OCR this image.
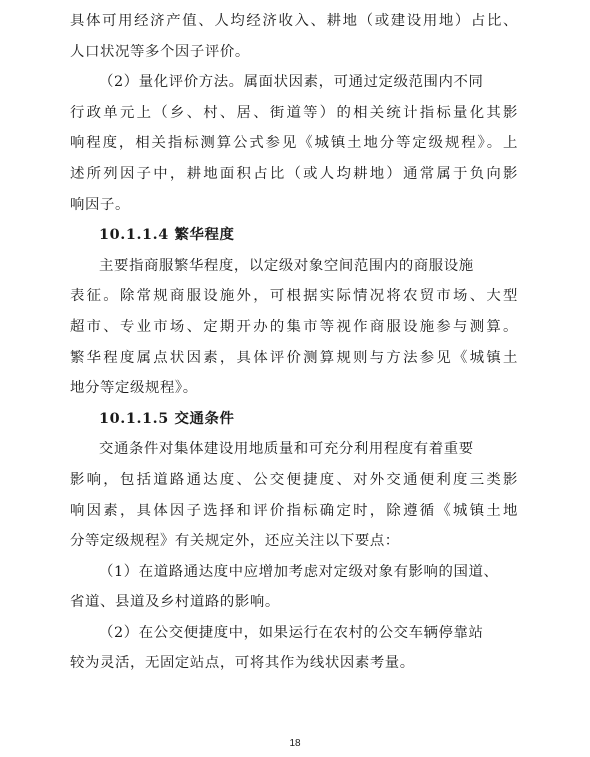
具体可用经济产值、人均经济收入、耕地（或建设用地）占比、
人口状况等多个因子评价。
（2）量化评价方法。属面状因素，可通过定级范围内不同
行政单元上（乡、村、居、街道等）的相关统计指标量化其影
响程度，相关指标测算公式参见《城镇土地分等定级规程》。上
述所列因子中，耕地面积占比（或人均耕地）通常属于负向影
响因子。
10.1.1.4 繁华程度
主要指商服繁华程度，以定级对象空间范围内的商服设施
表征。除常规商服设施外，可根据实际情况将农贸市场、大型
超市、专业市场、定期开办的集市等视作商服设施参与测算。
繁华程度属点状因素，具体评价测算规则与方法参见《城镇土
地分等定级规程》。
10.1.1.5 交通条件
交通条件对集体建设用地质量和可充分利用程度有着重要
影响，包括道路通达度、公交便捷度、对外交通便利度三类影
响因素，具体因子选择和评价指标确定时，除遵循《城镇土地
分等定级规程》有关规定外，还应关注以下要点：
（1）在道路通达度中应增加考虑对定级对象有影响的国道、
省道、县道及乡村道路的影响。
（2）在公交便捷度中，如果运行在农村的公交车辆停靠站
较为灵活，无固定站点，可将其作为线状因素考量。
18
